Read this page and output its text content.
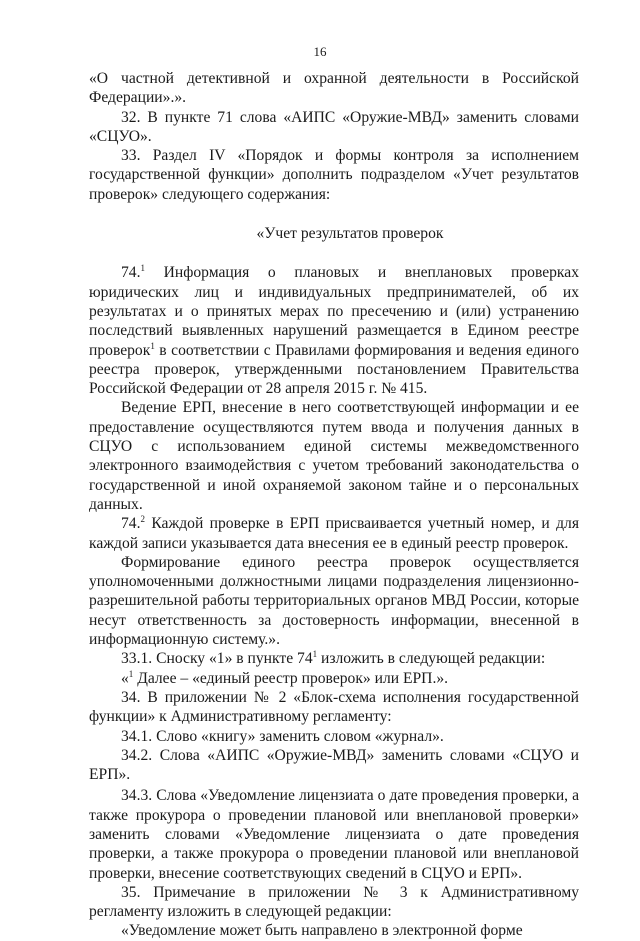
16

«О частной детективной и охранной деятельности в Российской Федерации».».

32. В пункте 71 слова «АИПС «Оружие-МВД» заменить словами «СЦУО».

33. Раздел IV «Порядок и формы контроля за исполнением государственной функции» дополнить подразделом «Учет результатов проверок» следующего содержания:

«Учет результатов проверок

74.$^1$ Информация о плановых и внеплановых проверках юридических лиц и индивидуальных предпринимателей, об их результатах и о принятых мерах по пресечению и (или) устранению последствий выявленных нарушений размещается в Едином реестре проверок$^1$ в соответствии с Правилами формирования и ведения единого реестра проверок, утвержденными постановлением Правительства Российской Федерации от 28 апреля 2015 г. № 415.

Ведение ЕРП, внесение в него соответствующей информации и ее предоставление осуществляются путем ввода и получения данных в СЦУО с использованием единой системы межведомственного электронного взаимодействия с учетом требований законодательства о государственной и иной охраняемой законом тайне и о персональных данных.

74.$^2$ Каждой проверке в ЕРП присваивается учетный номер, и для каждой записи указывается дата внесения ее в единый реестр проверок.

Формирование единого реестра проверок осуществляется уполномоченными должностными лицами подразделения лицензионно-разрешительной работы территориальных органов МВД России, которые несут ответственность за достоверность информации, внесенной в информационную систему.».

33.1. Сноску «1» в пункте $74^1$ изложить в следующей редакции:

«$^1$ Далее – «единый реестр проверок» или ЕРП.».

34. В приложении № 2 «Блок-схема исполнения государственной функции» к Административному регламенту:

34.1. Слово «книгу» заменить словом «журнал».

34.2. Слова «АИПС «Оружие-МВД» заменить словами «СЦУО и ЕРП».

34.3. Слова «Уведомление лицензиата о дате проведения проверки, а также прокурора о проведении плановой или внеплановой проверки» заменить словами «Уведомление лицензиата о дате проведения проверки, а также прокурора о проведении плановой или внеплановой проверки, внесение соответствующих сведений в СЦУО и ЕРП».

35. Примечание в приложении № 3 к Административному регламенту изложить в следующей редакции:

«Уведомление может быть направлено в электронной форме
